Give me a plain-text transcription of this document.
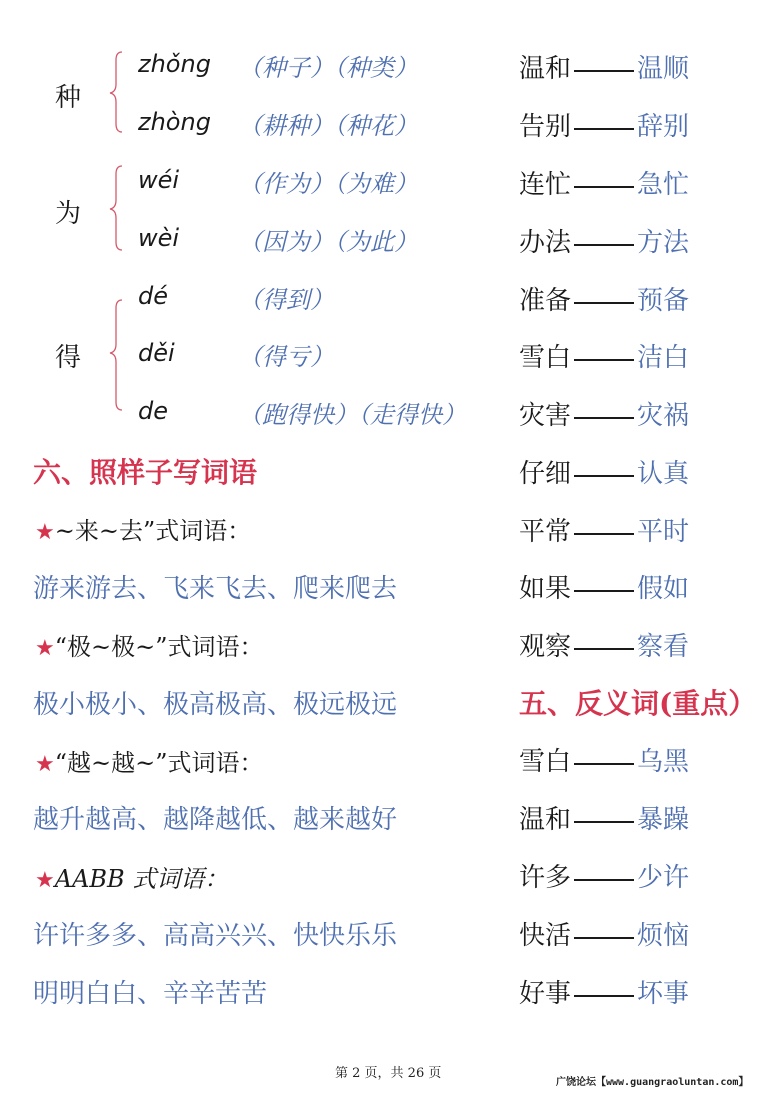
种
zhǒng （种子）（种类）
zhòng （耕种）（种花）
为
wéi （作为）（为难）
wèi （因为）（为此）
得
dé	（得到）
děi	（得亏）
de	（跑得快）（走得快）
六、照样子写词语
★~来~去”式词语：
游来游去、飞来飞去、爬来爬去
★“极~极~”式词语：
极小极小、极高极高、极远极远
★“越~越~”式词语：
越升越高、越降越低、越来越好
★AABB 式词语：
许许多多、高高兴兴、快快乐乐
明明白白、辛辛苦苦
温和	温顺
告别	辞别
连忙	急忙
办法	方法
准备	预备
雪白	洁白
灾害	灾祸
仔细	认真
平常	平时
如果	假如
观察	察看
五、反义词(重点）
雪白	乌黑
温和	暴躁
许多	少许
快活	烦恼
好事	坏事
第 2 页，共 26 页
广饶论坛【www.guangraoluntan.com】
